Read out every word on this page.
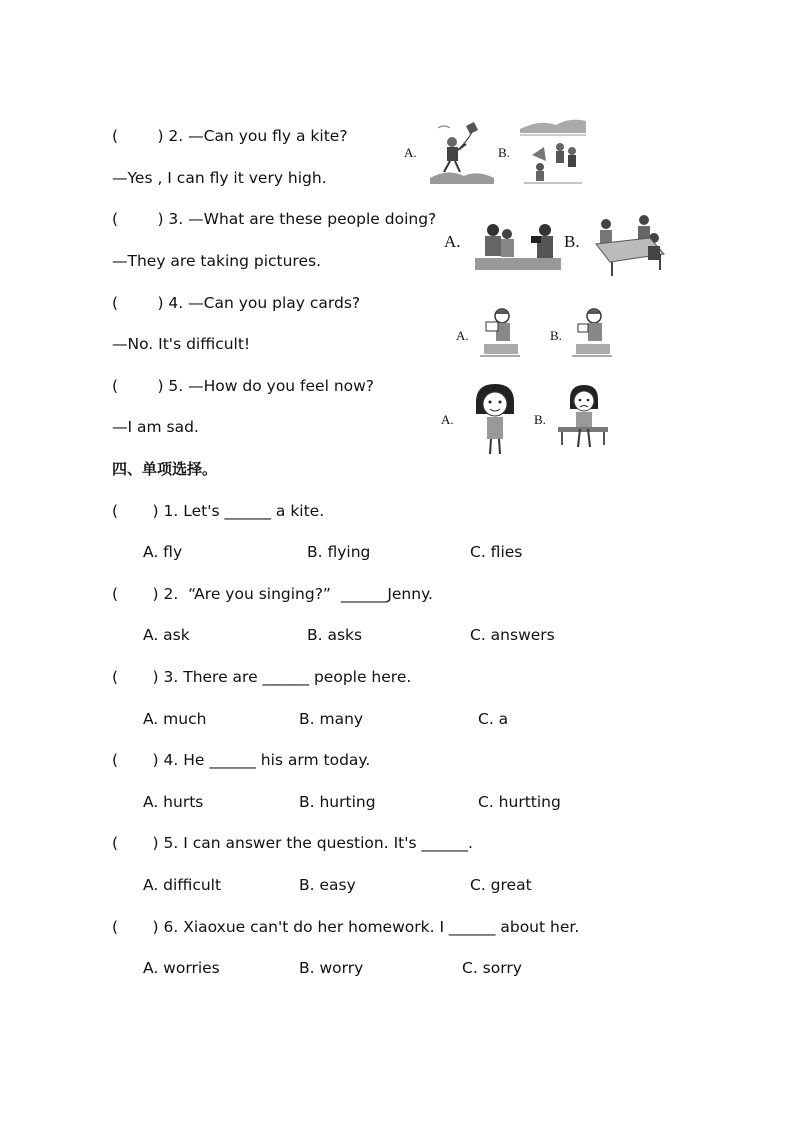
(        ) 2. —Can you fly a kite?
—Yes , I can fly it very high.
(        ) 3. —What are these people doing?
—They are taking pictures.
(        ) 4. —Can you play cards?
—No. It's difficult!
(        ) 5. —How do you feel now?
—I am sad.
A.	B.
A.	B.
A.	B.
A.	B.
四、单项选择。
(       ) 1. Let's ______ a kite.
A. fly	B. flying	C. flies
(       ) 2.  “Are you singing?”  ______Jenny.
A. ask	B. asks	C. answers
(       ) 3. There are ______ people here.
A. much	B. many	C. a
(       ) 4. He ______ his arm today.
A. hurts	B. hurting	C. hurtting
(       ) 5. I can answer the question. It's ______.
A. difficult	B. easy	C. great
(       ) 6. Xiaoxue can't do her homework. I ______ about her.
A. worries	B. worry	C. sorry
